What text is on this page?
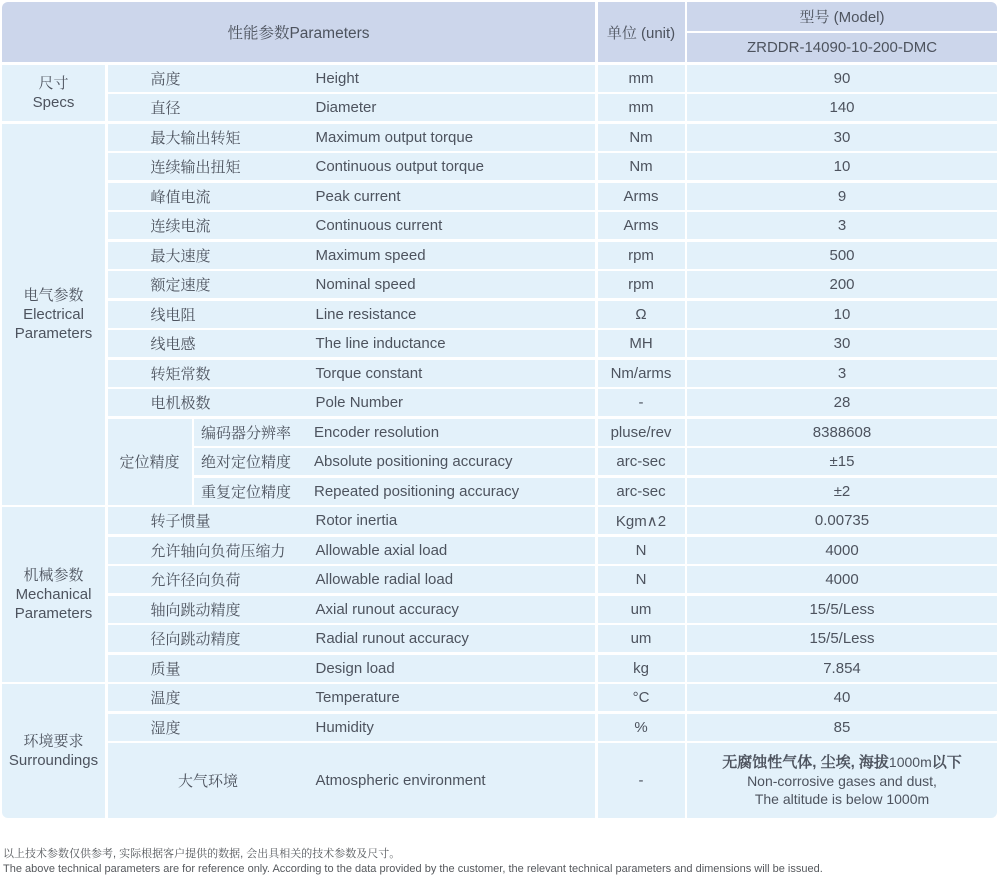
性能参数Parameters	单位 (unit)
型号 (Model)
ZRDDR-14090-10-200-DMC
尺寸
Specs
高度	Height	mm	90
直径	Diameter	mm	140
电气参数
Electrical
Parameters
最大输出转矩	Maximum output torque	Nm	30
连续输出扭矩	Continuous output torque	Nm	10
峰值电流	Peak current	Arms	9
连续电流	Continuous current	Arms	3
最大速度	Maximum speed	rpm	500
额定速度	Nominal speed	rpm	200
线电阻	Line resistance	Ω	10
线电感	The line inductance	MH	30
转矩常数	Torque constant	Nm/arms	3
电机极数	Pole Number	-	28
定位精度
编码器分辨率	Encoder resolution	pluse/rev	8388608
绝对定位精度	Absolute positioning accuracy	arc-sec	±15
重复定位精度	Repeated positioning accuracy	arc-sec	±2
机械参数
Mechanical
Parameters
转子惯量	Rotor inertia	Kgm∧2	0.00735
允许轴向负荷压缩力	Allowable axial load	N	4000
允许径向负荷	Allowable radial load	N	4000
轴向跳动精度	Axial runout accuracy	um	15/5/Less
径向跳动精度	Radial runout accuracy	um	15/5/Less
质量	Design load	kg	7.854
环境要求
Surroundings
温度	Temperature	°C	40
湿度	Humidity	%	85
大气环境	Atmospheric environment	-
无腐蚀性气体, 尘埃, 海拔1000m以下
Non-corrosive gases and dust,
The altitude is below 1000m
以上技术参数仅供参考, 实际根据客户提供的数据, 会出具相关的技术参数及尺寸。
The above technical parameters are for reference only. According to the data provided by the customer, the relevant technical parameters and dimensions will be issued.
